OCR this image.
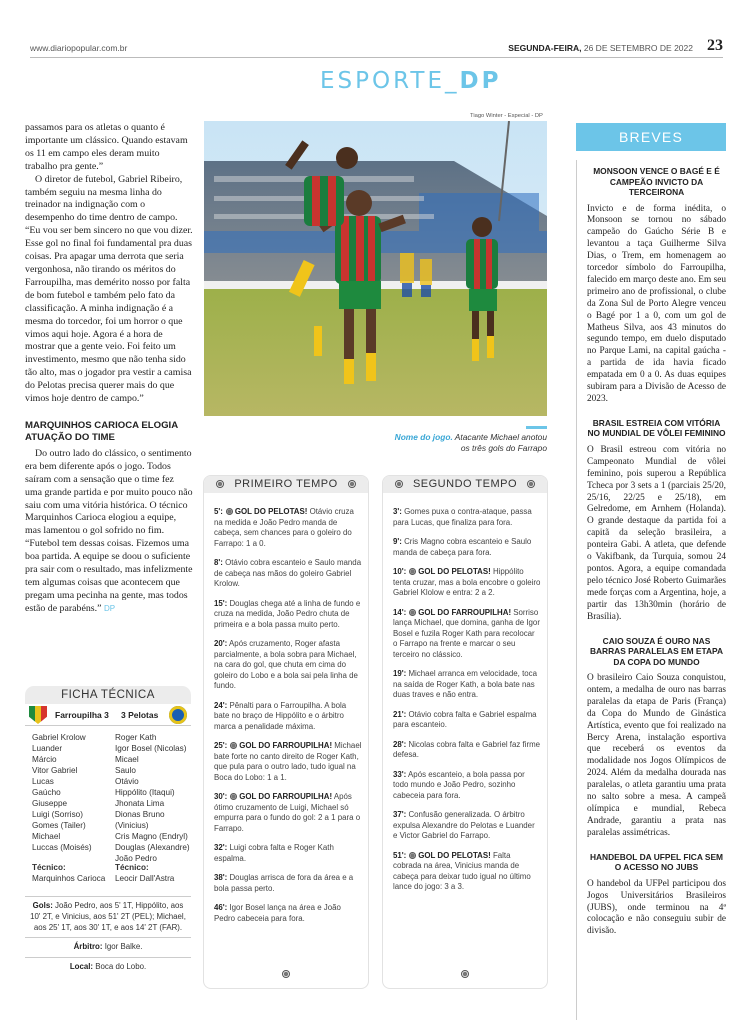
www.diariopopular.com.br	SEGUNDA-FEIRA, 26 DE SETEMBRO DE 2022 23
ESPORTE_DP

passamos para os atletas o quanto é importante um clássico. Quando estavam os 11 em campo eles deram muito trabalho pra gente.”

O diretor de futebol, Gabriel Ribeiro, também seguiu na mesma linha do treinador na indignação com o desempenho do time dentro de campo. “Eu vou ser bem sincero no que vou dizer. Esse gol no final foi fundamental pra duas coisas. Pra apagar uma derrota que seria vergonhosa, não tirando os méritos do Farroupilha, mas demérito nosso por falta de bom futebol e também pelo fato da classificação. A minha indignação é a mesma do torcedor, foi um horror o que vimos aqui hoje. Agora é a hora de mostrar que a gente veio. Foi feito um investimento, mesmo que não tenha sido tão alto, mas o jogador pra vestir a camisa do Pelotas precisa querer mais do que vimos hoje dentro de campo.”

MARQUINHOS CARIOCA ELOGIA ATUAÇÃO DO TIME

Do outro lado do clássico, o sentimento era bem diferente após o jogo. Todos saíram com a sensação que o time fez uma grande partida e por muito pouco não saiu com uma vitória histórica. O técnico Marquinhos Carioca elogiou a equipe, mas lamentou o gol sofrido no fim. “Futebol tem dessas coisas. Fizemos uma boa partida. A equipe se doou o suficiente pra sair com o resultado, mas infelizmente tem algumas coisas que acontecem que pregam uma pecinha na gente, mas todos estão de parabéns.” DP

FICHA TÉCNICA
Farroupilha 3 3 Pelotas
Gabriel Krolow
Luander
Márcio
Vitor Gabriel
Lucas
Gaúcho
Giuseppe
Luigi (Sorriso)
Gomes (Tailer)
Michael
Luccas (Moisés)
Roger Kath
Igor Bosel (Nicolas)
Micael
Saulo
Otávio
Hippólito (Itaqui)
Jhonata Lima
Dionas Bruno (Vinicius)
Cris Magno (Endryl)
Douglas (Alexandre)
João Pedro
Técnico:
Marquinhos Carioca
Técnico:
Leocir Dall'Astra
Gols: João Pedro, aos 5' 1T, Hippólito, aos 10' 2T, e Vinicius, aos 51' 2T (PEL); Michael, aos 25' 1T, aos 30' 1T, e aos 14' 2T (FAR).
Árbitro: Igor Balke.
Local: Boca do Lobo.
Tiago Winter - Especial - DP
Nome do jogo. Atacante Michael anotou os três gols do Farrapo
PRIMEIRO TEMPO
5': GOL DO PELOTAS! Otávio cruza na medida e João Pedro manda de cabeça, sem chances para o goleiro do Farrapo: 1 a 0.
8': Otávio cobra escanteio e Saulo manda de cabeça nas mãos do goleiro Gabriel Krolow.
15': Douglas chega até a linha de fundo e cruza na medida, João Pedro chuta de primeira e a bola passa muito perto.
20': Após cruzamento, Roger afasta parcialmente, a bola sobra para Michael, na cara do gol, que chuta em cima do goleiro do Lobo e a bola sai pela linha de fundo.
24': Pênalti para o Farroupilha. A bola bate no braço de Hippólito e o árbitro marca a penalidade máxima.
25': GOL DO FARROUPILHA! Michael bate forte no canto direito de Roger Kath, que pula para o outro lado, tudo igual na Boca do Lobo: 1 a 1.
30': GOL DO FARROUPILHA! Após ótimo cruzamento de Luigi, Michael só empurra para o fundo do gol: 2 a 1 para o Farrapo.
32': Luigi cobra falta e Roger Kath espalma.
38': Douglas arrisca de fora da área e a bola passa perto.
46': Igor Bosel lança na área e João Pedro cabeceia para fora.
SEGUNDO TEMPO
3': Gomes puxa o contra-ataque, passa para Lucas, que finaliza para fora.
9': Cris Magno cobra escanteio e Saulo manda de cabeça para fora.
10': GOL DO PELOTAS! Hippólito tenta cruzar, mas a bola encobre o goleiro Gabriel Klolow e entra: 2 a 2.
14': GOL DO FARROUPILHA! Sorriso lança Michael, que domina, ganha de Igor Bosel e fuzila Roger Kath para recolocar o Farrapo na frente e marcar o seu terceiro no clássico.
19': Michael arranca em velocidade, toca na saída de Roger Kath, a bola bate nas duas traves e não entra.
21': Otávio cobra falta e Gabriel espalma para escanteio.
28': Nicolas cobra falta e Gabriel faz firme defesa.
33': Após escanteio, a bola passa por todo mundo e João Pedro, sozinho cabeceia para fora.
37': Confusão generalizada. O árbitro expulsa Alexandre do Pelotas e Luander e Victor Gabriel do Farrapo.
51': GOL DO PELOTAS! Falta cobrada na área, Vinicius manda de cabeça para deixar tudo igual no último lance do jogo: 3 a 3.
BREVES
MONSOON VENCE O BAGÉ E É CAMPEÃO INVICTO DA TERCEIRONA

Invicto e de forma inédita, o Monsoon se tornou no sábado campeão do Gaúcho Série B e levantou a taça Guilherme Silva Dias, o Trem, em homenagem ao torcedor símbolo do Farroupilha, falecido em março deste ano. Em seu primeiro ano de profissional, o clube da Zona Sul de Porto Alegre venceu o Bagé por 1 a 0, com um gol de Matheus Silva, aos 43 minutos do segundo tempo, em duelo disputado no Parque Lami, na capital gaúcha - a partida de ida havia ficado empatada em 0 a 0. As duas equipes subiram para a Divisão de Acesso de 2023.

BRASIL ESTREIA COM VITÓRIA NO MUNDIAL DE VÔLEI FEMININO

O Brasil estreou com vitória no Campeonato Mundial de vôlei feminino, pois superou a República Tcheca por 3 sets a 1 (parciais 25/20, 25/16, 22/25 e 25/18), em Gelredome, em Arnhem (Holanda). O grande destaque da partida foi a capitã da seleção brasileira, a ponteira Gabi. A atleta, que defende o Vakifbank, da Turquia, somou 24 pontos. Agora, a equipe comandada pelo técnico José Roberto Guimarães mede forças com a Argentina, hoje, a partir das 13h30min (horário de Brasília).

CAIO SOUZA É OURO NAS BARRAS PARALELAS EM ETAPA DA COPA DO MUNDO

O brasileiro Caio Souza conquistou, ontem, a medalha de ouro nas barras paralelas da etapa de Paris (França) da Copa do Mundo de Ginástica Artística, evento que foi realizado na Bercy Arena, instalação esportiva que receberá os eventos da modalidade nos Jogos Olímpicos de 2024. Além da medalha dourada nas paralelas, o atleta garantiu uma prata no salto sobre a mesa. A campeã olímpica e mundial, Rebeca Andrade, garantiu a prata nas paralelas assimétricas.

HANDEBOL DA UFPEL FICA SEM O ACESSO NO JUBS

O handebol da UFPel participou dos Jogos Universitários Brasileiros (JUBS), onde terminou na 4ª colocação e não conseguiu subir de divisão.
